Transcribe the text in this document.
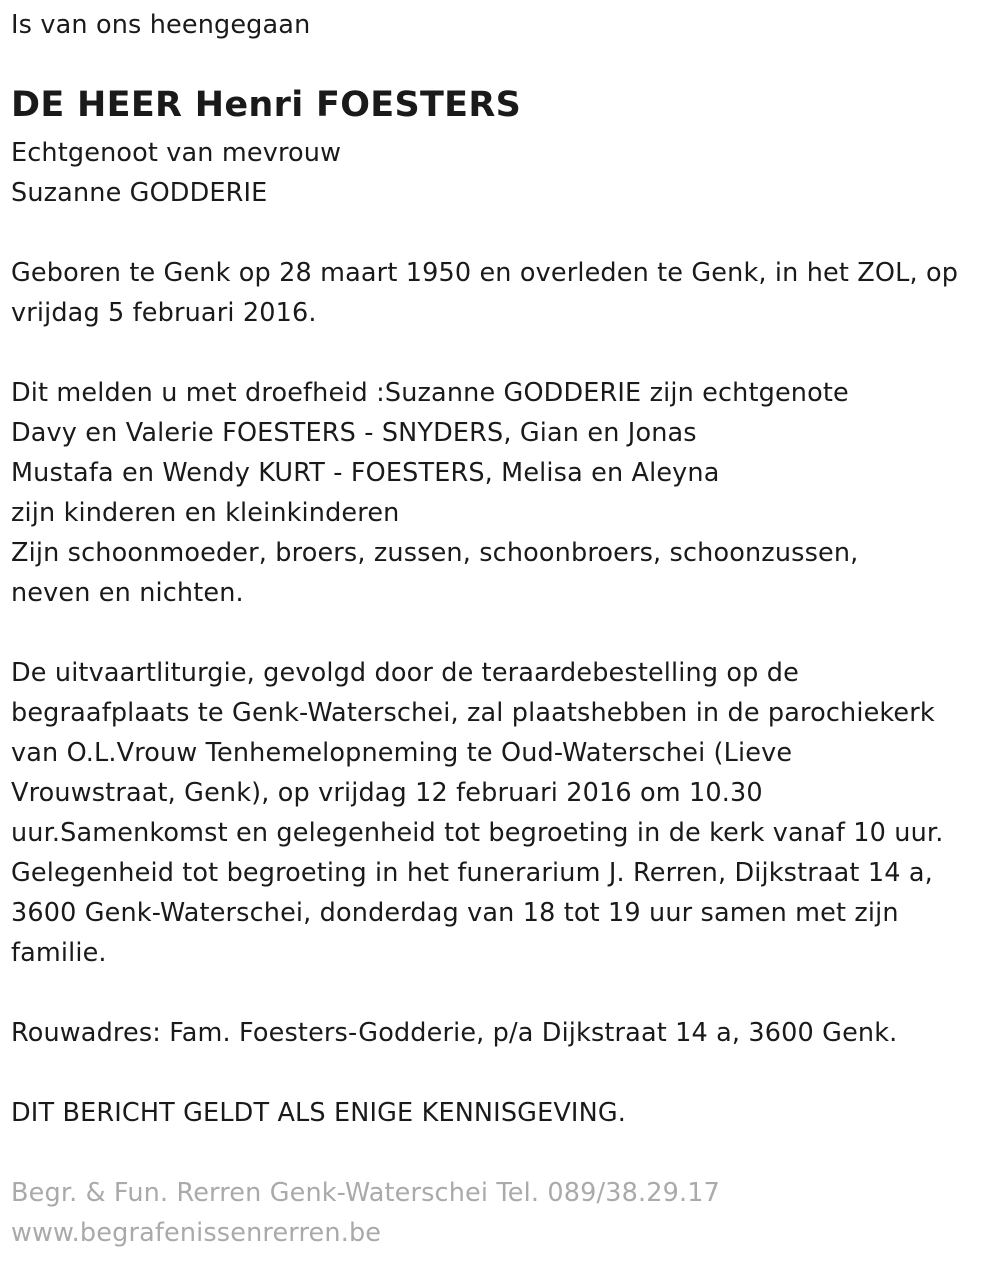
Is van ons heengegaan
DE HEER Henri FOESTERS
Echtgenoot van mevrouw
Suzanne GODDERIE
Geboren te Genk op 28 maart 1950 en overleden te Genk, in het ZOL, op
vrijdag 5 februari 2016.
Dit melden u met droefheid :Suzanne GODDERIE zijn echtgenote
Davy en Valerie FOESTERS - SNYDERS, Gian en Jonas
Mustafa en Wendy KURT - FOESTERS, Melisa en Aleyna
zijn kinderen en kleinkinderen
Zijn schoonmoeder, broers, zussen, schoonbroers, schoonzussen,
neven en nichten.
De uitvaartliturgie, gevolgd door de teraardebestelling op de
begraafplaats te Genk-Waterschei, zal plaatshebben in de parochiekerk
van O.L.Vrouw Tenhemelopneming te Oud-Waterschei (Lieve
Vrouwstraat, Genk), op vrijdag 12 februari 2016 om 10.30
uur.Samenkomst en gelegenheid tot begroeting in de kerk vanaf 10 uur.
Gelegenheid tot begroeting in het funerarium J. Rerren, Dijkstraat 14 a,
3600 Genk-Waterschei, donderdag van 18 tot 19 uur samen met zijn
familie.
Rouwadres: Fam. Foesters-Godderie, p/a Dijkstraat 14 a, 3600 Genk.
DIT BERICHT GELDT ALS ENIGE KENNISGEVING.
Begr. & Fun. Rerren Genk-Waterschei Tel. 089/38.29.17
www.begrafenissenrerren.be
